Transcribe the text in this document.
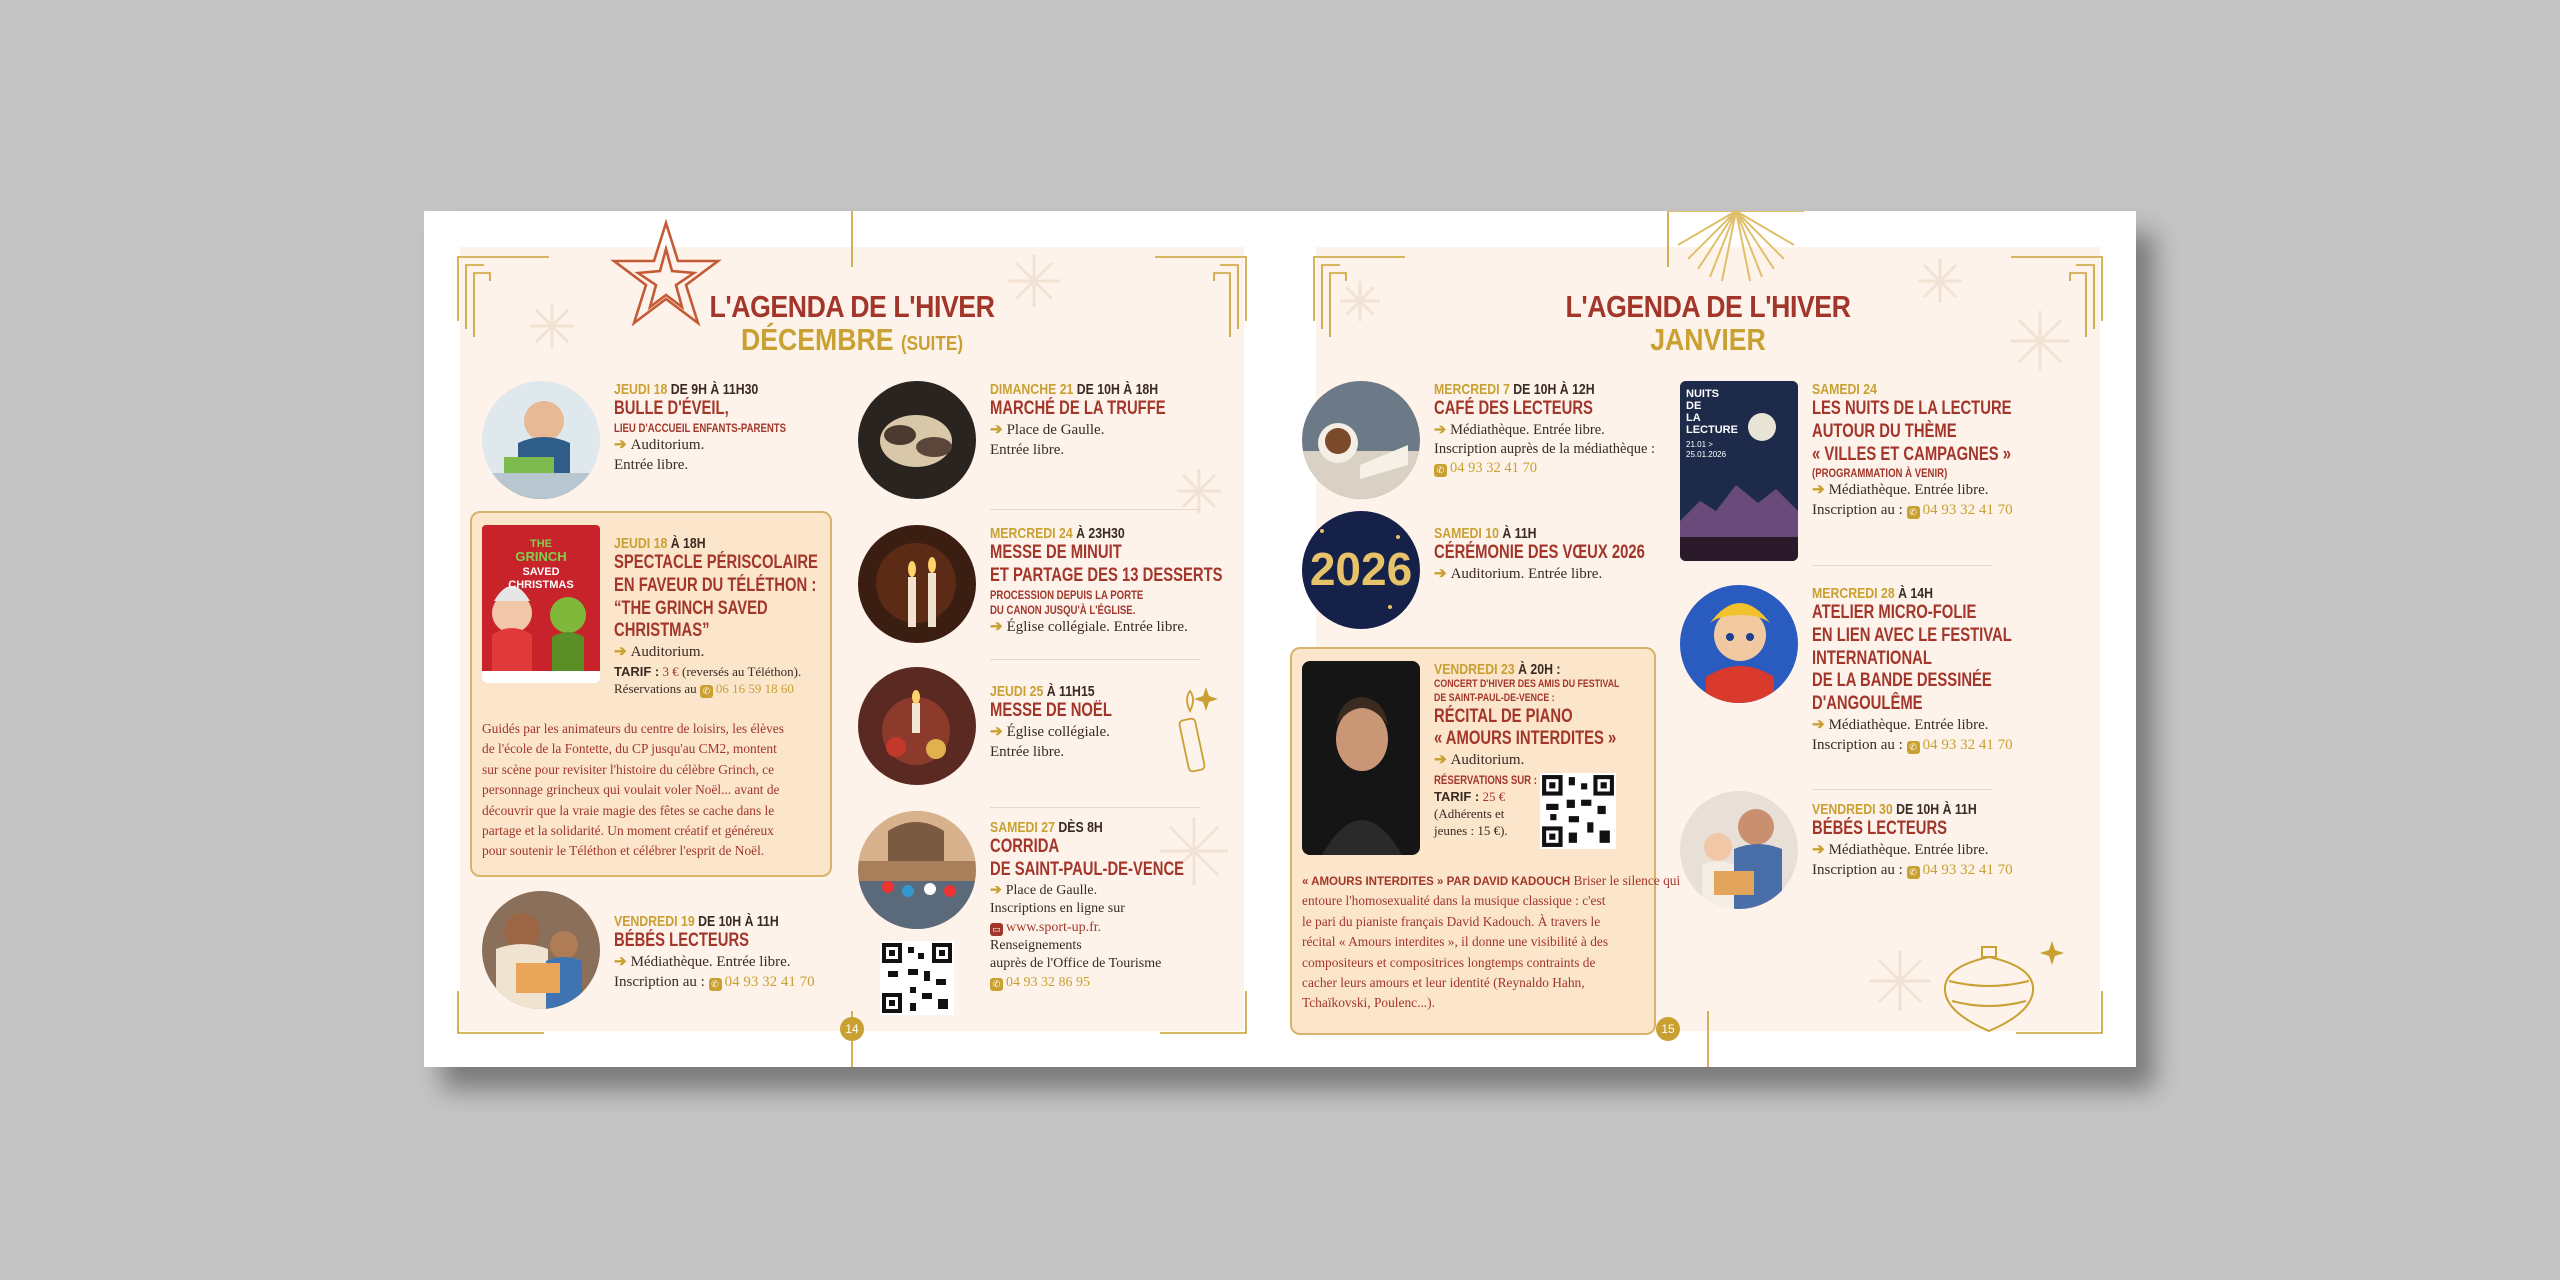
L'AGENDA DE L'HIVER
DÉCEMBRE (SUITE)
JEUDI 18 DE 9H À 11H30
BULLE D'ÉVEIL,
LIEU D'ACCUEIL ENFANTS-PARENTS
➔ Auditorium.
Entrée libre.
THE
GRINCH
SAVED
CHRISTMAS
JEUDI 18 À 18H
SPECTACLE PÉRISCOLAIRE
EN FAVEUR DU TÉLÉTHON :
“THE GRINCH SAVED
CHRISTMAS”
➔ Auditorium.
TARIF : 3 € (reversés au Téléthon).
Réservations au ✆ 06 16 59 18 60
Guidés par les animateurs du centre de loisirs, les élèves
de l'école de la Fontette, du CP jusqu'au CM2, montent
sur scène pour revisiter l'histoire du célèbre Grinch, ce
personnage grincheux qui voulait voler Noël... avant de
découvrir que la vraie magie des fêtes se cache dans le
partage et la solidarité. Un moment créatif et généreux
pour soutenir le Téléthon et célébrer l'esprit de Noël.
VENDREDI 19 DE 10H À 11H
BÉBÉS LECTEURS
➔ Médiathèque. Entrée libre.
Inscription au : ✆ 04 93 32 41 70
DIMANCHE 21 DE 10H À 18H
MARCHÉ DE LA TRUFFE
➔ Place de Gaulle.
Entrée libre.
MERCREDI 24 À 23H30
MESSE DE MINUIT
ET PARTAGE DES 13 DESSERTS
PROCESSION DEPUIS LA PORTE
DU CANON JUSQU'À L'ÉGLISE.
➔ Église collégiale. Entrée libre.
JEUDI 25 À 11H15
MESSE DE NOËL
➔ Église collégiale.
Entrée libre.
SAMEDI 27 DÈS 8H
CORRIDA
DE SAINT-PAUL-DE-VENCE
➔ Place de Gaulle.
Inscriptions en ligne sur
▭ www.sport-up.fr.
Renseignements
auprès de l'Office de Tourisme
✆ 04 93 32 86 95
14
L'AGENDA DE L'HIVER
JANVIER
MERCREDI 7 DE 10H À 12H
CAFÉ DES LECTEURS
➔ Médiathèque. Entrée libre.
Inscription auprès de la médiathèque :
✆ 04 93 32 41 70
2026
SAMEDI 10 À 11H
CÉRÉMONIE DES VŒUX 2026
➔ Auditorium. Entrée libre.
VENDREDI 23 À 20H :
CONCERT D'HIVER DES AMIS DU FESTIVAL
DE SAINT-PAUL-DE-VENCE :
RÉCITAL DE PIANO
« AMOURS INTERDITES »
➔ Auditorium.
RÉSERVATIONS SUR :
TARIF : 25 €
(Adhérents et
jeunes : 15 €).
« AMOURS INTERDITES » PAR DAVID KADOUCH Briser le silence qui
entoure l'homosexualité dans la musique classique : c'est
le pari du pianiste français David Kadouch. À travers le
récital « Amours interdites », il donne une visibilité à des
compositeurs et compositrices longtemps contraints de
cacher leurs amours et leur identité (Reynaldo Hahn,
Tchaïkovski, Poulenc...).
NUITS
DE
LA
LECTURE
21.01 >
25.01.2026
SAMEDI 24
LES NUITS DE LA LECTURE
AUTOUR DU THÈME
« VILLES ET CAMPAGNES »
(PROGRAMMATION À VENIR)
➔ Médiathèque. Entrée libre.
Inscription au : ✆ 04 93 32 41 70
MERCREDI 28 À 14H
ATELIER MICRO-FOLIE
EN LIEN AVEC LE FESTIVAL
INTERNATIONAL
DE LA BANDE DESSINÉE
D'ANGOULÊME
➔ Médiathèque. Entrée libre.
Inscription au : ✆ 04 93 32 41 70
VENDREDI 30 DE 10H À 11H
BÉBÉS LECTEURS
➔ Médiathèque. Entrée libre.
Inscription au : ✆ 04 93 32 41 70
15
